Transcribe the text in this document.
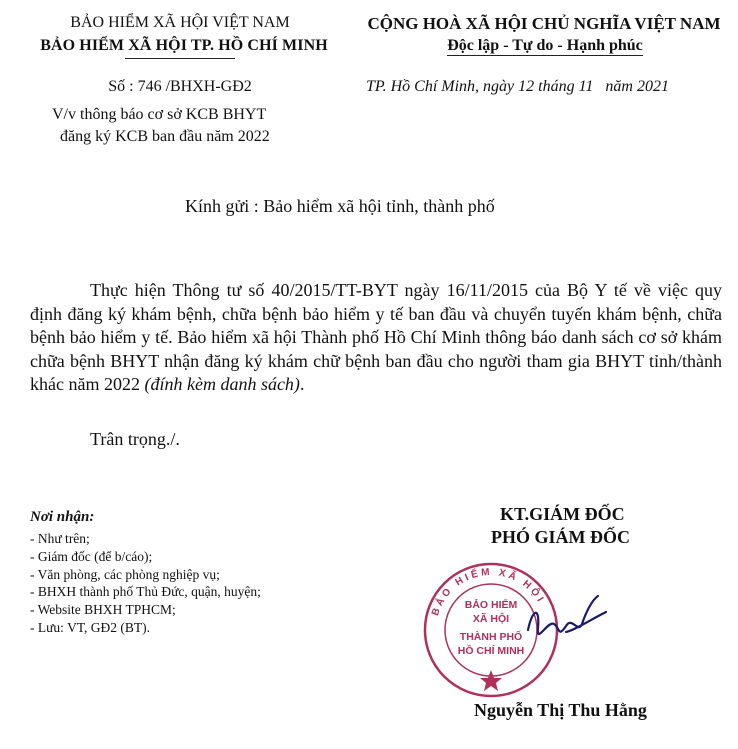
BẢO HIỂM XÃ HỘI VIỆT NAM
BẢO HIỂM XÃ HỘI TP. HỒ CHÍ MINH
CỘNG HOÀ XÃ HỘI CHỦ NGHĨA VIỆT NAM
Độc lập - Tự do - Hạnh phúc
Số : 746 /BHXH-GĐ2	TP. Hồ Chí Minh, ngày 12 tháng 11   năm 2021
V/v thông báo cơ sở KCB BHYT
đăng ký KCB ban đầu năm 2022
Kính gửi : Bảo hiểm xã hội tỉnh, thành phố
Thực hiện Thông tư số 40/2015/TT-BYT ngày 16/11/2015 của Bộ Y tế về việc quy định đăng ký khám bệnh, chữa bệnh bảo hiểm y tế ban đầu và chuyển tuyến khám bệnh, chữa bệnh bảo hiểm y tế. Bảo hiểm xã hội Thành phố Hồ Chí Minh thông báo danh sách cơ sở khám chữa bệnh BHYT nhận đăng ký khám chữ bệnh ban đầu cho người tham gia BHYT tỉnh/thành khác năm 2022 (đính kèm danh sách).
Trân trọng./.
Nơi nhận:
- Như trên;
- Giám đốc (để b/cáo);
- Văn phòng, các phòng nghiệp vụ;
- BHXH thành phố Thủ Đức, quận, huyện;
- Website BHXH TPHCM;
- Lưu: VT, GĐ2 (BT).
KT.GIÁM ĐỐC
PHÓ GIÁM ĐỐC
BẢO HIỂM XÃ HỘI
BẢO HIỂM
XÃ HỘI
THÀNH PHỐ
HỒ CHÍ MINH
Nguyễn Thị Thu Hằng
